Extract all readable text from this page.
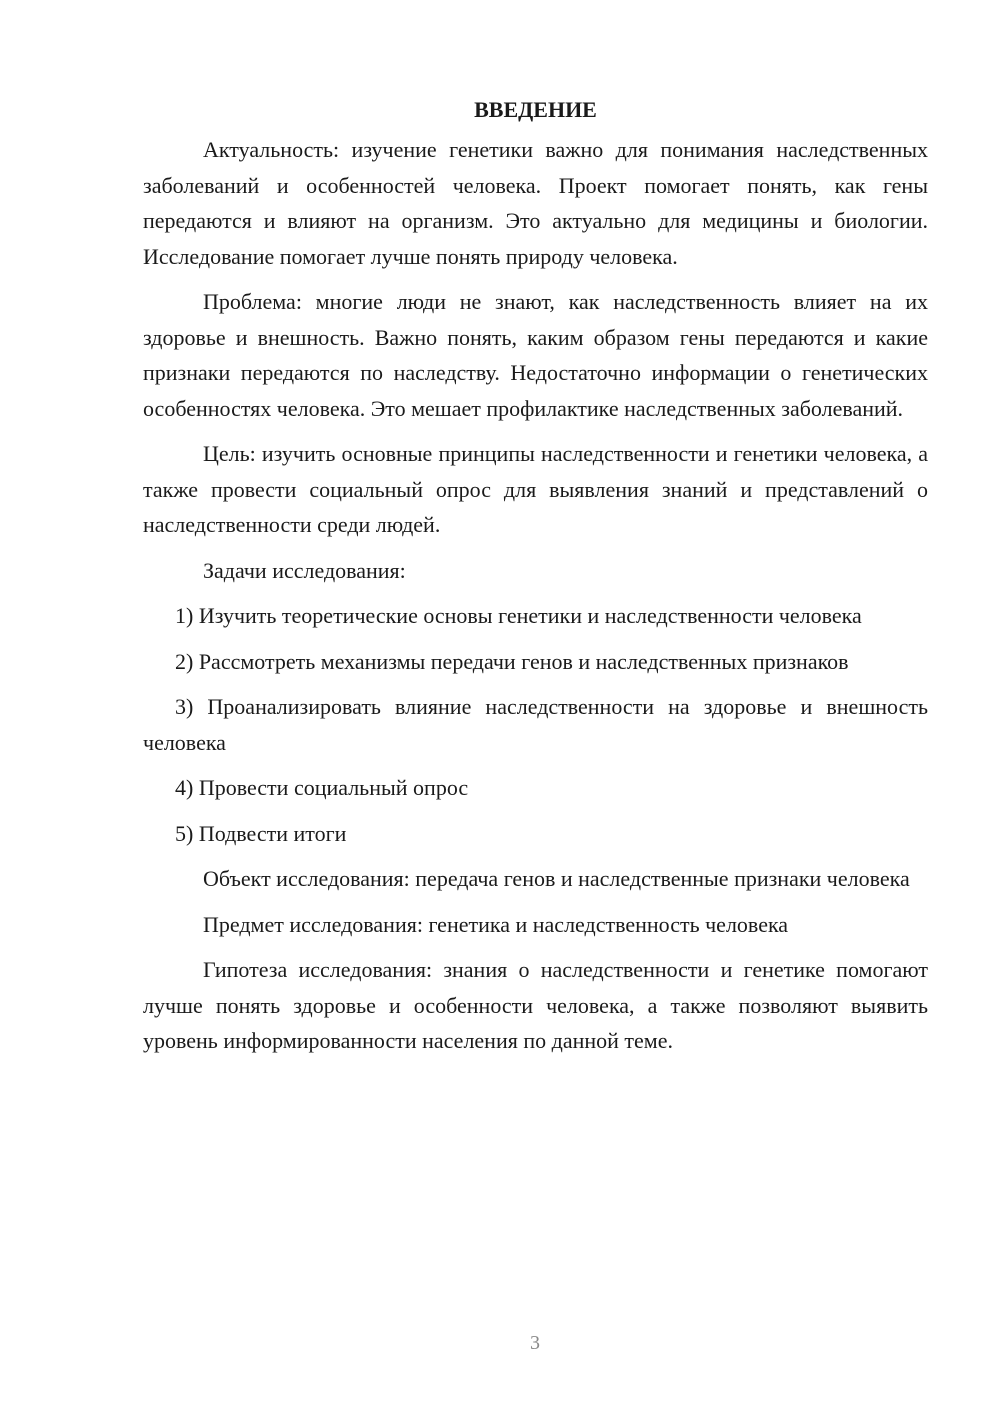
ВВЕДЕНИЕ

Актуальность: изучение генетики важно для понимания наследственных заболеваний и особенностей человека. Проект помогает понять, как гены передаются и влияют на организм. Это актуально для медицины и биологии. Исследование помогает лучше понять природу человека.

Проблема: многие люди не знают, как наследственность влияет на их здоровье и внешность. Важно понять, каким образом гены передаются и какие признаки передаются по наследству. Недостаточно информации о генетических особенностях человека. Это мешает профилактике наследственных заболеваний.

Цель: изучить основные принципы наследственности и генетики человека, а также провести социальный опрос для выявления знаний и представлений о наследственности среди людей.

Задачи исследования:

1) Изучить теоретические основы генетики и наследственности человека

2) Рассмотреть механизмы передачи генов и наследственных признаков

3) Проанализировать влияние наследственности на здоровье и внешность человека

4) Провести социальный опрос

5) Подвести итоги

Объект исследования: передача генов и наследственные признаки человека

Предмет исследования: генетика и наследственность человека

Гипотеза исследования: знания о наследственности и генетике помогают лучше понять здоровье и особенности человека, а также позволяют выявить уровень информированности населения по данной теме.

3
